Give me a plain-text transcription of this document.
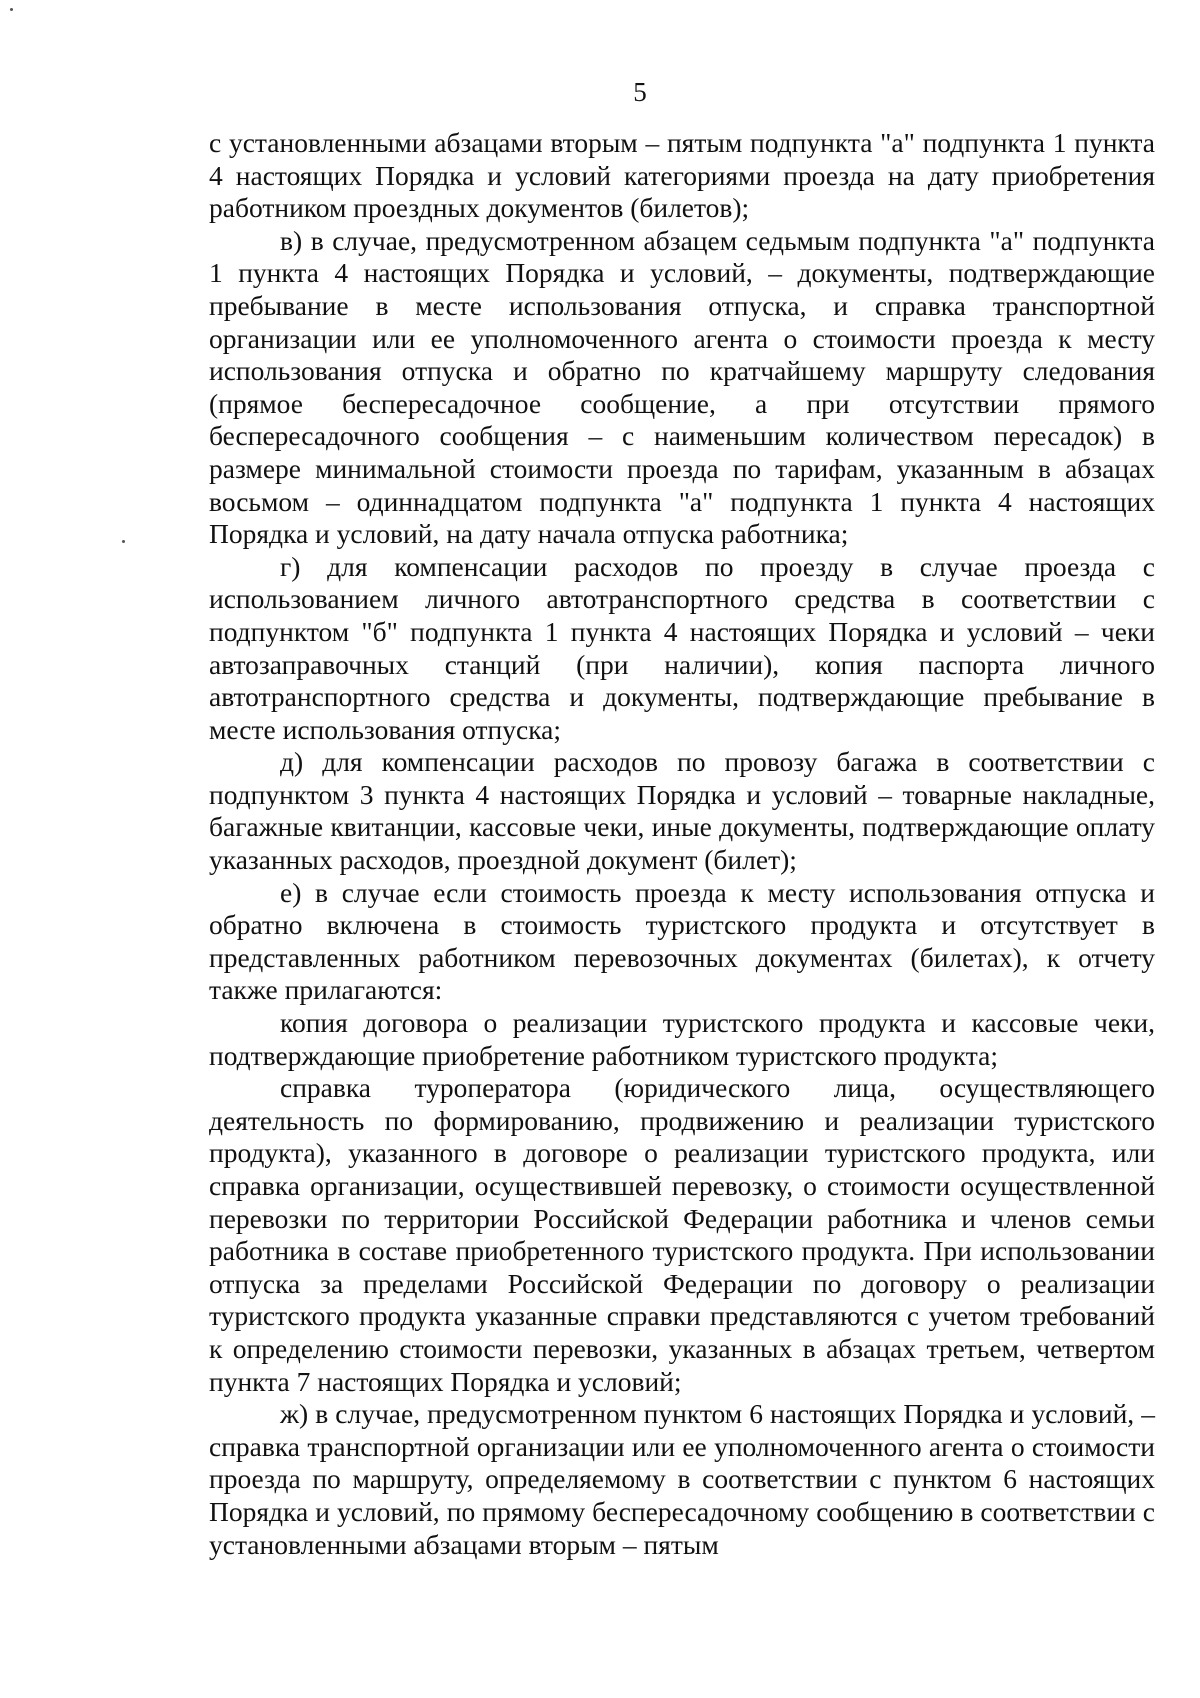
5

с установленными абзацами вторым – пятым подпункта "а" подпункта 1 пункта 4 настоящих Порядка и условий категориями проезда на дату приобретения работником проездных документов (билетов);

в) в случае, предусмотренном абзацем седьмым подпункта "а" подпункта 1 пункта 4 настоящих Порядка и условий, – документы, подтверждающие пребывание в месте использования отпуска, и справка транспортной организации или ее уполномоченного агента о стоимости проезда к месту использования отпуска и обратно по кратчайшему маршруту следования (прямое беспересадочное сообщение, а при отсутствии прямого беспересадочного сообщения – с наименьшим количеством пересадок) в размере минимальной стоимости проезда по тарифам, указанным в абзацах восьмом – одиннадцатом подпункта "а" подпункта 1 пункта 4 настоящих Порядка и условий, на дату начала отпуска работника;

г) для компенсации расходов по проезду в случае проезда с использованием личного автотранспортного средства в соответствии с подпунктом "б" подпункта 1 пункта 4 настоящих Порядка и условий – чеки автозаправочных станций (при наличии), копия паспорта личного автотранспортного средства и документы, подтверждающие пребывание в месте использования отпуска;

д) для компенсации расходов по провозу багажа в соответствии с подпунктом 3 пункта 4 настоящих Порядка и условий – товарные накладные, багажные квитанции, кассовые чеки, иные документы, подтверждающие оплату указанных расходов, проездной документ (билет);

е) в случае если стоимость проезда к месту использования отпуска и обратно включена в стоимость туристского продукта и отсутствует в представленных работником перевозочных документах (билетах), к отчету также прилагаются:

копия договора о реализации туристского продукта и кассовые чеки, подтверждающие приобретение работником туристского продукта;

справка туроператора (юридического лица, осуществляющего деятельность по формированию, продвижению и реализации туристского продукта), указанного в договоре о реализации туристского продукта, или справка организации, осуществившей перевозку, о стоимости осуществленной перевозки по территории Российской Федерации работника и членов семьи работника в составе приобретенного туристского продукта. При использовании отпуска за пределами Российской Федерации по договору о реализации туристского продукта указанные справки представляются с учетом требований к определению стоимости перевозки, указанных в абзацах третьем, четвертом пункта 7 настоящих Порядка и условий;

ж) в случае, предусмотренном пунктом 6 настоящих Порядка и условий, – справка транспортной организации или ее уполномоченного агента о стоимости проезда по маршруту, определяемому в соответствии с пунктом 6 настоящих Порядка и условий, по прямому беспересадочному сообщению в соответствии с установленными абзацами вторым – пятым
